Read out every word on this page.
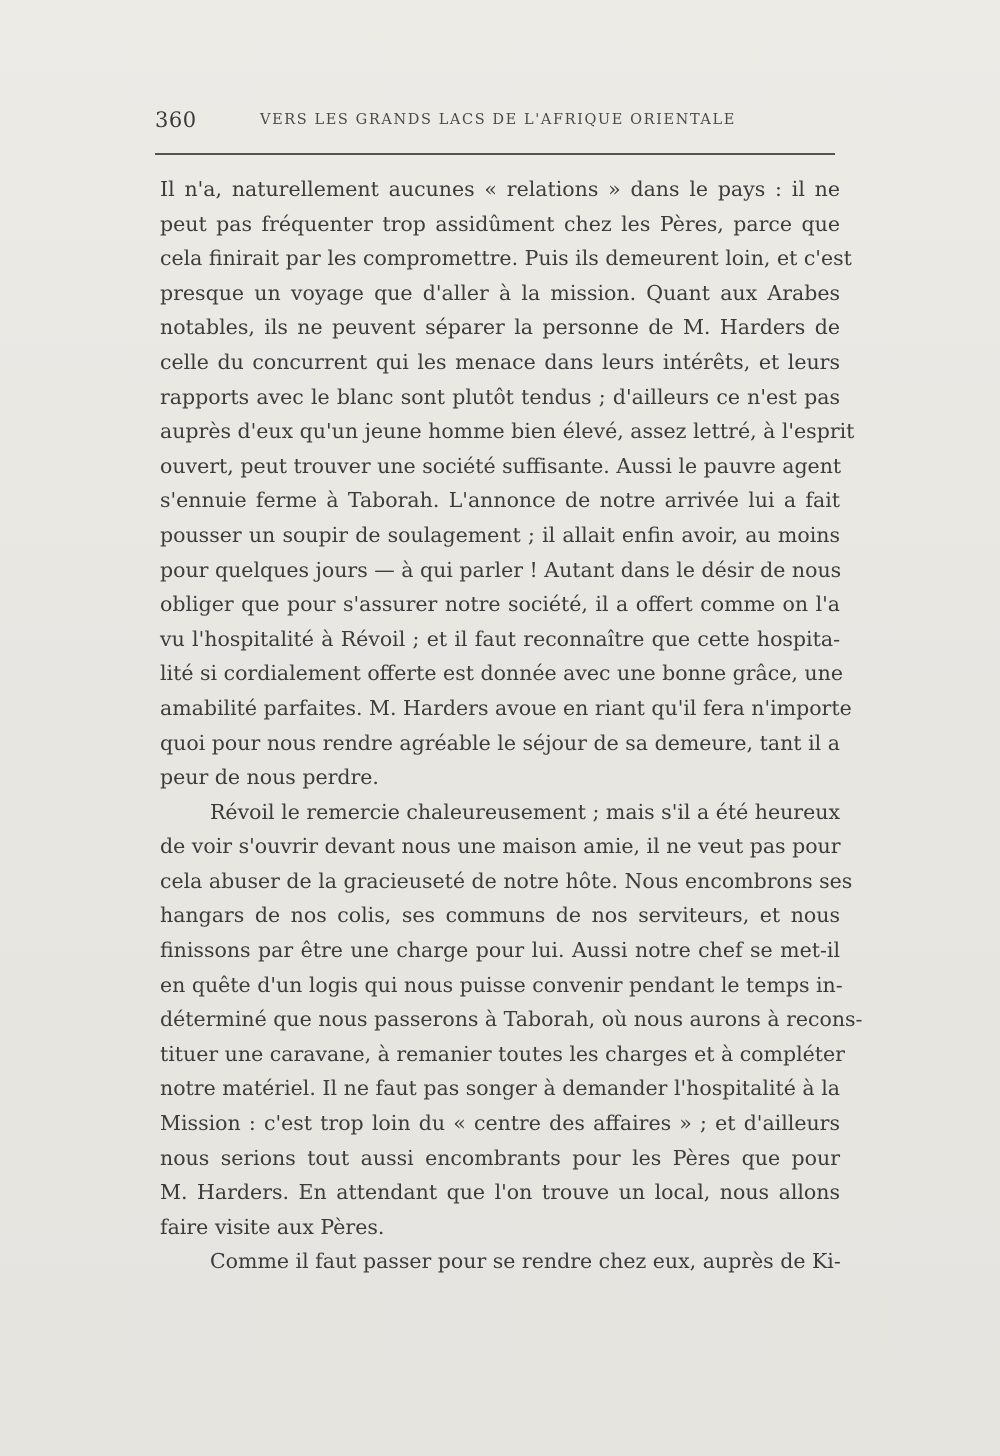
360	VERS LES GRANDS LACS DE L'AFRIQUE ORIENTALE
Il n'a, naturellement aucunes « relations » dans le pays : il ne
peut pas fréquenter trop assidûment chez les Pères, parce que
cela finirait par les compromettre. Puis ils demeurent loin, et c'est
presque un voyage que d'aller à la mission. Quant aux Arabes
notables, ils ne peuvent séparer la personne de M. Harders de
celle du concurrent qui les menace dans leurs intérêts, et leurs
rapports avec le blanc sont plutôt tendus ; d'ailleurs ce n'est pas
auprès d'eux qu'un jeune homme bien élevé, assez lettré, à l'esprit
ouvert, peut trouver une société suffisante. Aussi le pauvre agent
s'ennuie ferme à Taborah. L'annonce de notre arrivée lui a fait
pousser un soupir de soulagement ; il allait enfin avoir, au moins
pour quelques jours — à qui parler ! Autant dans le désir de nous
obliger que pour s'assurer notre société, il a offert comme on l'a
vu l'hospitalité à Révoil ; et il faut reconnaître que cette hospita-
lité si cordialement offerte est donnée avec une bonne grâce, une
amabilité parfaites. M. Harders avoue en riant qu'il fera n'importe
quoi pour nous rendre agréable le séjour de sa demeure, tant il a
peur de nous perdre.
Révoil le remercie chaleureusement ; mais s'il a été heureux
de voir s'ouvrir devant nous une maison amie, il ne veut pas pour
cela abuser de la gracieuseté de notre hôte. Nous encombrons ses
hangars de nos colis, ses communs de nos serviteurs, et nous
finissons par être une charge pour lui. Aussi notre chef se met-il
en quête d'un logis qui nous puisse convenir pendant le temps in-
déterminé que nous passerons à Taborah, où nous aurons à recons-
tituer une caravane, à remanier toutes les charges et à compléter
notre matériel. Il ne faut pas songer à demander l'hospitalité à la
Mission : c'est trop loin du « centre des affaires » ; et d'ailleurs
nous serions tout aussi encombrants pour les Pères que pour
M. Harders. En attendant que l'on trouve un local, nous allons
faire visite aux Pères.
Comme il faut passer pour se rendre chez eux, auprès de Ki-
